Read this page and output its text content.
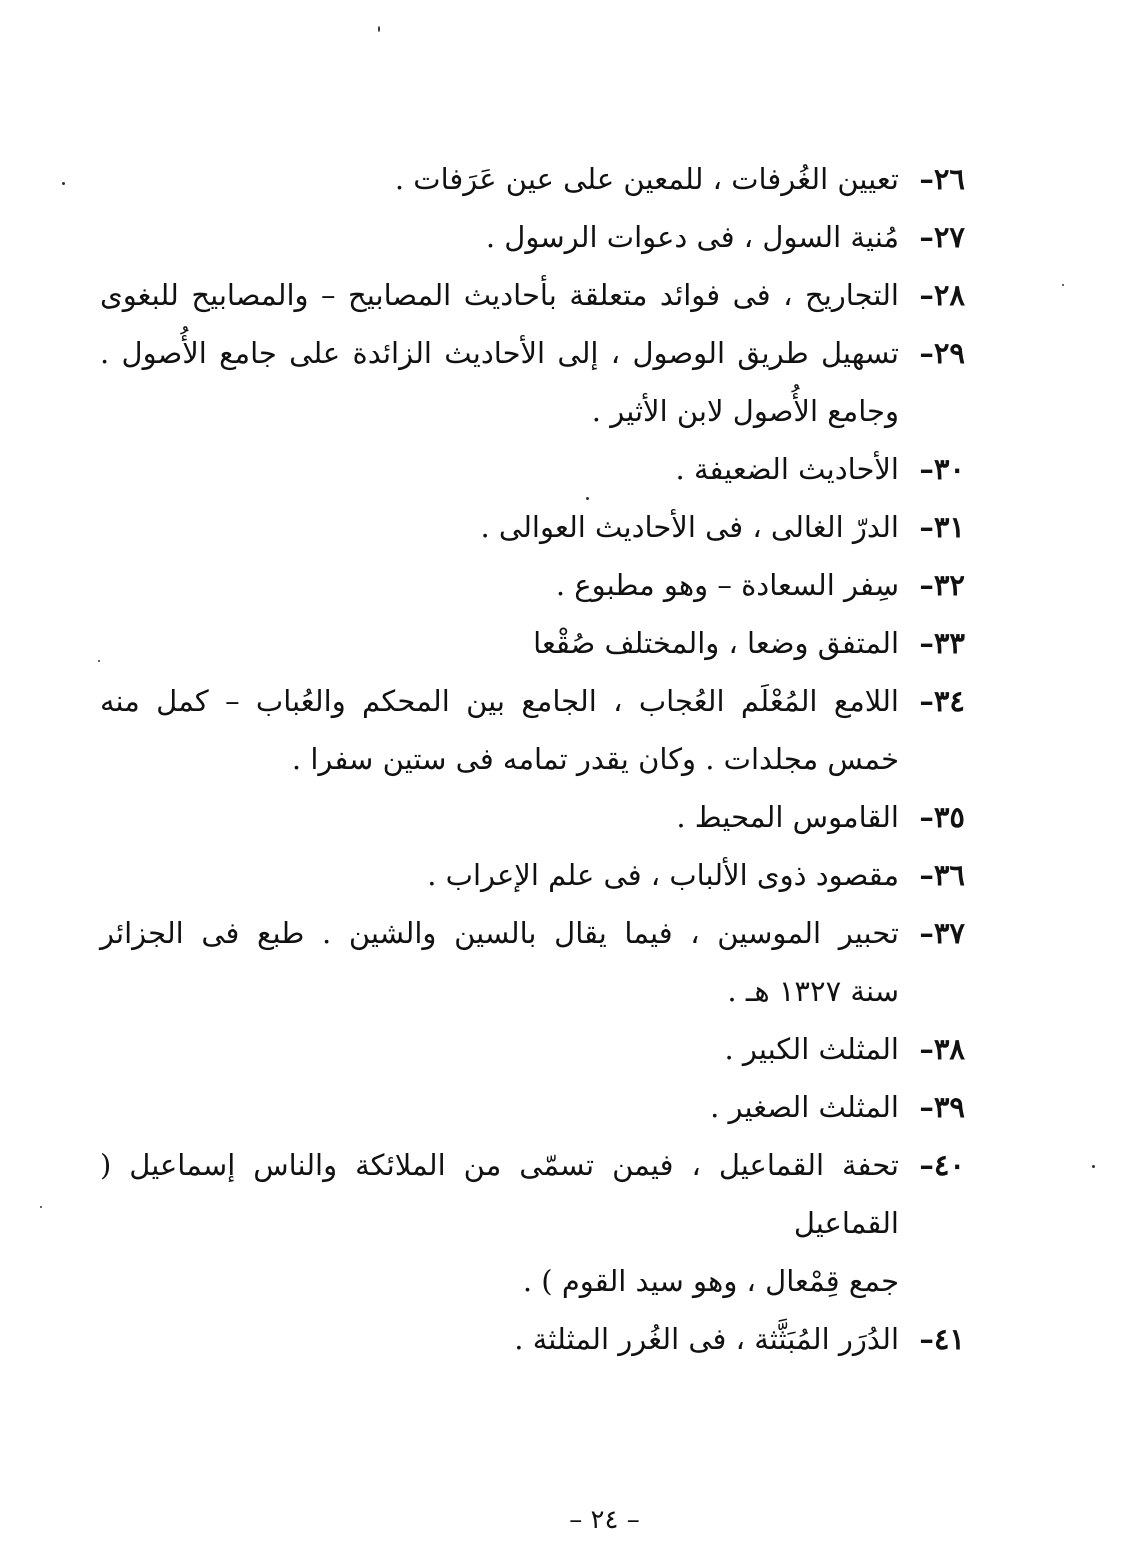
٢٦–
تعيين الغُرفات ، للمعين على عين عَرَفات .
٢٧–
مُنية السول ، فى دعوات الرسول .
٢٨–
التجاريح ، فى فوائد متعلقة بأحاديث المصابيح – والمصابيح للبغوى
٢٩–
تسهيل طريق الوصول ، إلى الأحاديث الزائدة على جامع الأُصول .
وجامع الأُصول لابن الأثير .
٣٠–
الأحاديث الضعيفة .
٣١–
الدرّ الغالى ، فى الأحاديث العوالى .
٣٢–
سِفر السعادة – وهو مطبوع .
٣٣–
المتفق وضعا ، والمختلف صُقْعا
٣٤–
اللامع المُعْلَم العُجاب ، الجامع بين المحكم والعُباب – كمل منه
خمس مجلدات . وكان يقدر تمامه فى ستين سفرا .
٣٥–
القاموس المحيط .
٣٦–
مقصود ذوى الألباب ، فى علم الإعراب .
٣٧–
تحبير الموسين ، فيما يقال بالسين والشين . طبع فى الجزائر
سنة ١٣٢٧ هـ .
٣٨–
المثلث الكبير .
٣٩–
المثلث الصغير .
٤٠–
تحفة القماعيل ، فيمن تسمّى من الملائكة والناس إسماعيل ( القماعيل
جمع قِمْعال ، وهو سيد القوم ) .
٤١–
الدُرَر المُبَثَّثة ، فى الغُرر المثلثة .
– ٢٤ –
